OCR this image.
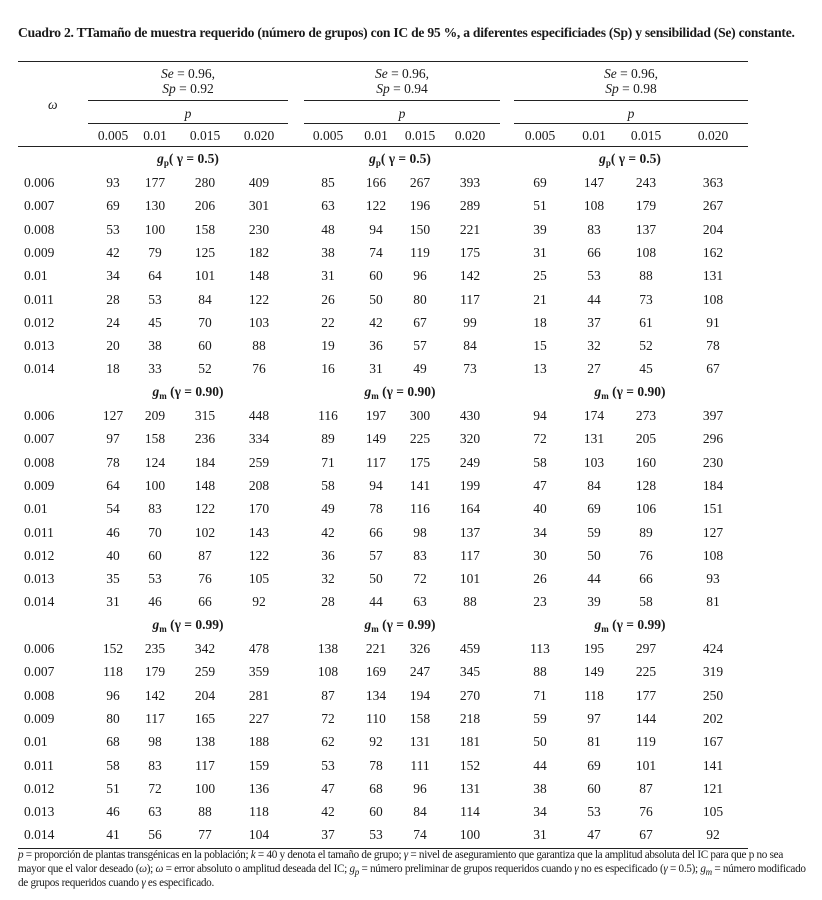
Cuadro 2. TTamaño de muestra requerido (número de grupos) con IC de 95 %, a diferentes especificiades (Sp) y sensibilidad (Se) constante.
ω
Se = 0.96,
Sp = 0.92
p
0.005	0.01	0.015	0.020
Se = 0.96,
Sp = 0.94
p
0.005	0.01	0.015	0.020
Se = 0.96,
Sp = 0.98
p
0.005	0.01	0.015	0.020
$g_p$( γ = 0.5)	$g_p$( γ = 0.5)	$g_p$( γ = 0.5)
0.006	93	177	280	409	85	166	267	393	69	147	243	363
0.007	69	130	206	301	63	122	196	289	51	108	179	267
0.008	53	100	158	230	48	94	150	221	39	83	137	204
0.009	42	79	125	182	38	74	119	175	31	66	108	162
0.01	34	64	101	148	31	60	96	142	25	53	88	131
0.011	28	53	84	122	26	50	80	117	21	44	73	108
0.012	24	45	70	103	22	42	67	99	18	37	61	91
0.013	20	38	60	88	19	36	57	84	15	32	52	78
0.014	18	33	52	76	16	31	49	73	13	27	45	67
$g_m$ (γ = 0.90)	$g_m$ (γ = 0.90)	$g_m$ (γ = 0.90)
0.006	127	209	315	448	116	197	300	430	94	174	273	397
0.007	97	158	236	334	89	149	225	320	72	131	205	296
0.008	78	124	184	259	71	117	175	249	58	103	160	230
0.009	64	100	148	208	58	94	141	199	47	84	128	184
0.01	54	83	122	170	49	78	116	164	40	69	106	151
0.011	46	70	102	143	42	66	98	137	34	59	89	127
0.012	40	60	87	122	36	57	83	117	30	50	76	108
0.013	35	53	76	105	32	50	72	101	26	44	66	93
0.014	31	46	66	92	28	44	63	88	23	39	58	81
$g_m$ (γ = 0.99)	$g_m$ (γ = 0.99)	$g_m$ (γ = 0.99)
0.006	152	235	342	478	138	221	326	459	113	195	297	424
0.007	118	179	259	359	108	169	247	345	88	149	225	319
0.008	96	142	204	281	87	134	194	270	71	118	177	250
0.009	80	117	165	227	72	110	158	218	59	97	144	202
0.01	68	98	138	188	62	92	131	181	50	81	119	167
0.011	58	83	117	159	53	78	111	152	44	69	101	141
0.012	51	72	100	136	47	68	96	131	38	60	87	121
0.013	46	63	88	118	42	60	84	114	34	53	76	105
0.014	41	56	77	104	37	53	74	100	31	47	67	92
p = proporción de plantas transgénicas en la población; k = 40 y denota el tamaño de grupo; γ = nivel de aseguramiento que garantiza que la amplitud absoluta del IC para que p no sea mayor que el valor deseado (ω); ω = error absoluto o amplitud deseada del IC; $g_p$ = número preliminar de grupos requeridos cuando γ no es especificado (γ = 0.5); $g_m$ = número modificado de grupos requeridos cuando γ es especificado.
